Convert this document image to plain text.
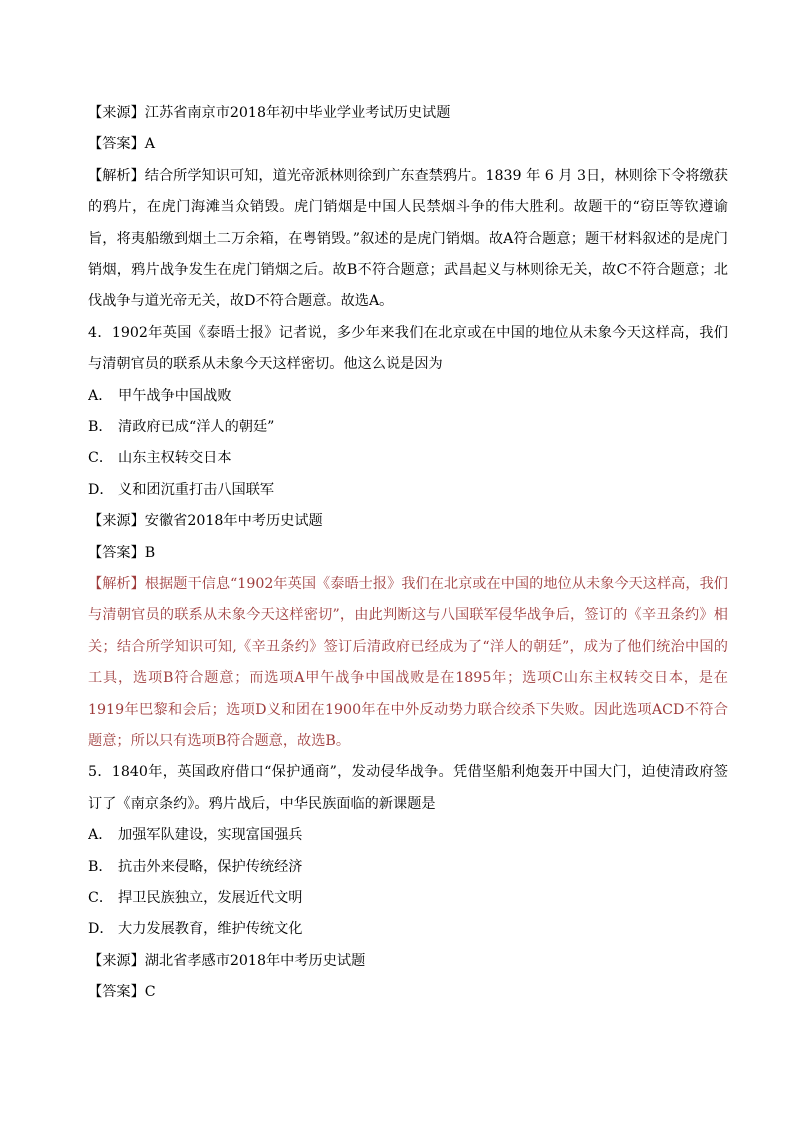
【来源】江苏省南京市2018年初中毕业学业考试历史试题
【答案】A

【解析】结合所学知识可知，道光帝派林则徐到广东查禁鸦片。1839 年 6 月 3日，林则徐下令将缴获的鸦片，在虎门海滩当众销毁。虎门销烟是中国人民禁烟斗争的伟大胜利。故题干的“窃臣等钦遵谕旨，将夷船缴到烟土二万余箱，在粤销毁。”叙述的是虎门销烟。故A符合题意；题干材料叙述的是虎门销烟，鸦片战争发生在虎门销烟之后。故B不符合题意；武昌起义与林则徐无关，故C不符合题意；北伐战争与道光帝无关，故D不符合题意。故选A。

4．1902年英国《泰晤士报》记者说，多少年来我们在北京或在中国的地位从未象今天这样高，我们与清朝官员的联系从未象今天这样密切。他这么说是因为

A． 甲午战争中国战败
B． 清政府已成“洋人的朝廷”
C． 山东主权转交日本
D． 义和团沉重打击八国联军
【来源】安徽省2018年中考历史试题
【答案】B

【解析】根据题干信息“1902年英国《泰晤士报》我们在北京或在中国的地位从未象今天这样高，我们与清朝官员的联系从未象今天这样密切”，由此判断这与八国联军侵华战争后，签订的《辛丑条约》相关；结合所学知识可知,《辛丑条约》签订后清政府已经成为了“洋人的朝廷”，成为了他们统治中国的工具，选项B符合题意；而选项A甲午战争中国战败是在1895年；选项C山东主权转交日本，是在1919年巴黎和会后；选项D义和团在1900年在中外反动势力联合绞杀下失败。因此选项ACD不符合题意；所以只有选项B符合题意，故选B。

5．1840年，英国政府借口“保护通商”，发动侵华战争。凭借坚船利炮轰开中国大门，迫使清政府签订了《南京条约》。鸦片战后，中华民族面临的新课题是

A． 加强军队建设，实现富国强兵
B． 抗击外来侵略，保护传统经济
C． 捍卫民族独立，发展近代文明
D． 大力发展教育，维护传统文化
【来源】湖北省孝感市2018年中考历史试题
【答案】C
